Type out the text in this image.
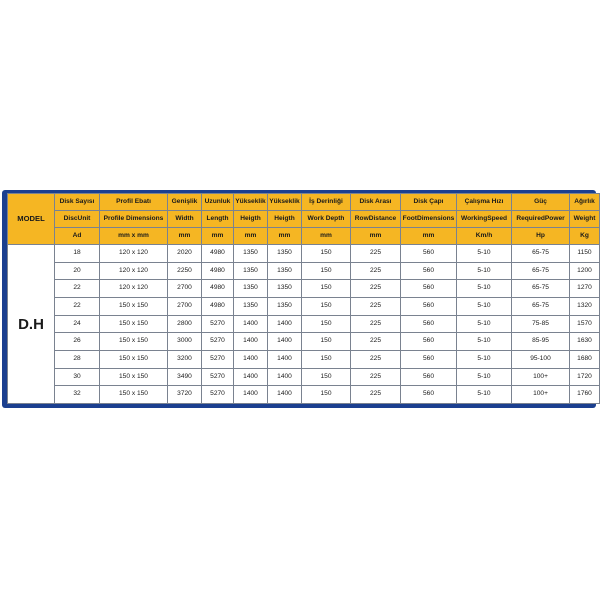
MODEL	Disk Sayısı	Profil Ebatı	Genişlik	Uzunluk	Yükseklik	Yükseklik	İş Derinliği	Disk Arası	Disk Çapı	Çalışma Hızı	Güç	Ağırlık
	DiscUnit	Profile Dimensions	Width	Length	Heigth	Heigth	Work Depth	RowDistance	FootDimensions	WorkingSpeed	RequiredPower	Weight
	Ad	mm x mm	mm	mm	mm	mm	mm	mm	mm	Km/h	Hp	Kg
D.H	18	120 x 120	2020	4980	1350	1350	150	225	560	5-10	65-75	1150
	20	120 x 120	2250	4980	1350	1350	150	225	560	5-10	65-75	1200
	22	120 x 120	2700	4980	1350	1350	150	225	560	5-10	65-75	1270
	22	150 x 150	2700	4980	1350	1350	150	225	560	5-10	65-75	1320
	24	150 x 150	2800	5270	1400	1400	150	225	560	5-10	75-85	1570
	26	150 x 150	3000	5270	1400	1400	150	225	560	5-10	85-95	1630
	28	150 x 150	3200	5270	1400	1400	150	225	560	5-10	95-100	1680
	30	150 x 150	3490	5270	1400	1400	150	225	560	5-10	100+	1720
	32	150 x 150	3720	5270	1400	1400	150	225	560	5-10	100+	1760
